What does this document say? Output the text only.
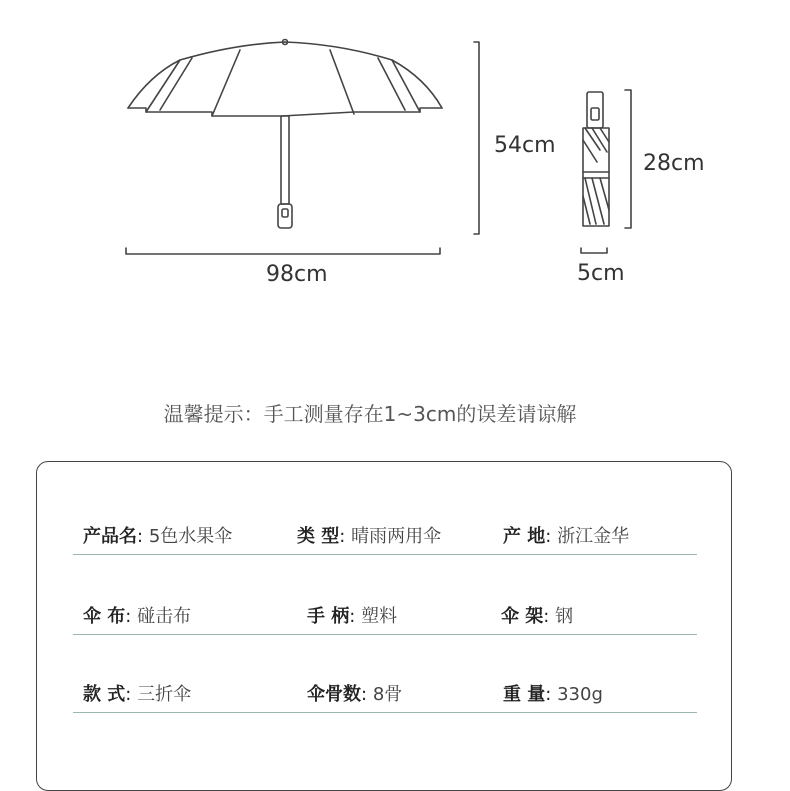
54cm
98cm
28cm
5cm
温馨提示：手工测量存在1~3cm的误差请谅解
产品名: 5色水果伞	类 型: 晴雨两用伞	产 地: 浙江金华
伞 布: 碰击布	手 柄: 塑料	伞 架: 钢
款 式: 三折伞	伞骨数: 8骨	重 量: 330g
